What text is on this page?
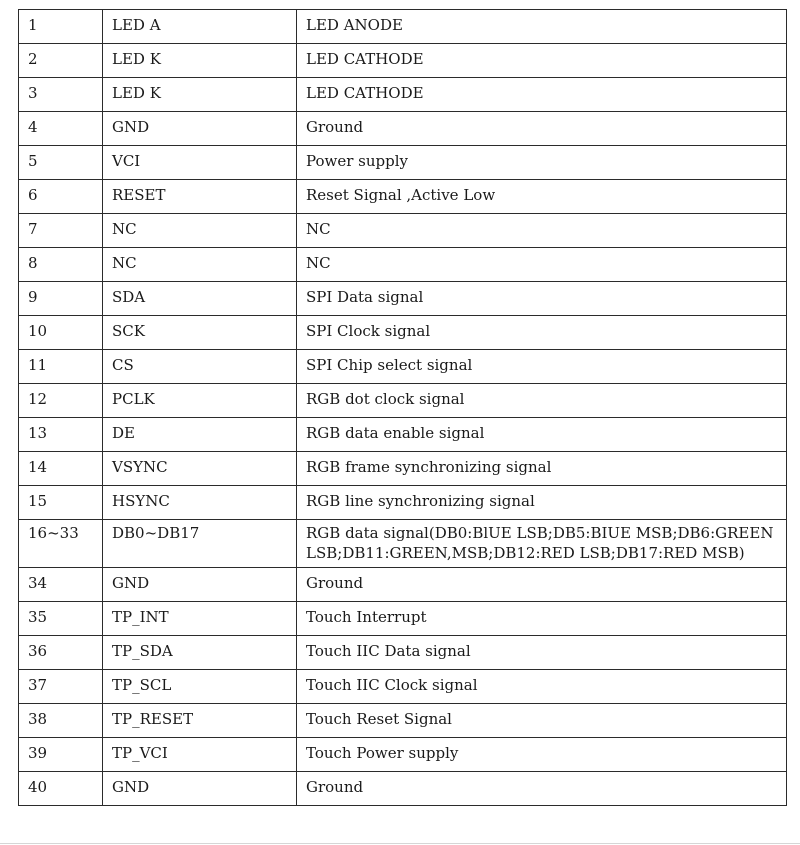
1	LED A	LED ANODE
2	LED K	LED CATHODE
3	LED K	LED CATHODE
4	GND	Ground
5	VCI	Power supply
6	RESET	Reset Signal ,Active Low
7	NC	NC
8	NC	NC
9	SDA	SPI Data signal
10	SCK	SPI Clock signal
11	CS	SPI Chip select signal
12	PCLK	RGB dot clock signal
13	DE	RGB data enable signal
14	VSYNC	RGB frame synchronizing signal
15	HSYNC	RGB line synchronizing signal
16~33	DB0~DB17	RGB data signal(DB0:BlUE LSB;DB5:BIUE MSB;DB6:GREEN LSB;DB11:GREEN,MSB;DB12:RED LSB;DB17:RED MSB)
34	GND	Ground
35	TP_INT	Touch Interrupt
36	TP_SDA	Touch IIC Data signal
37	TP_SCL	Touch IIC Clock signal
38	TP_RESET	Touch Reset Signal
39	TP_VCI	Touch Power supply
40	GND	Ground
